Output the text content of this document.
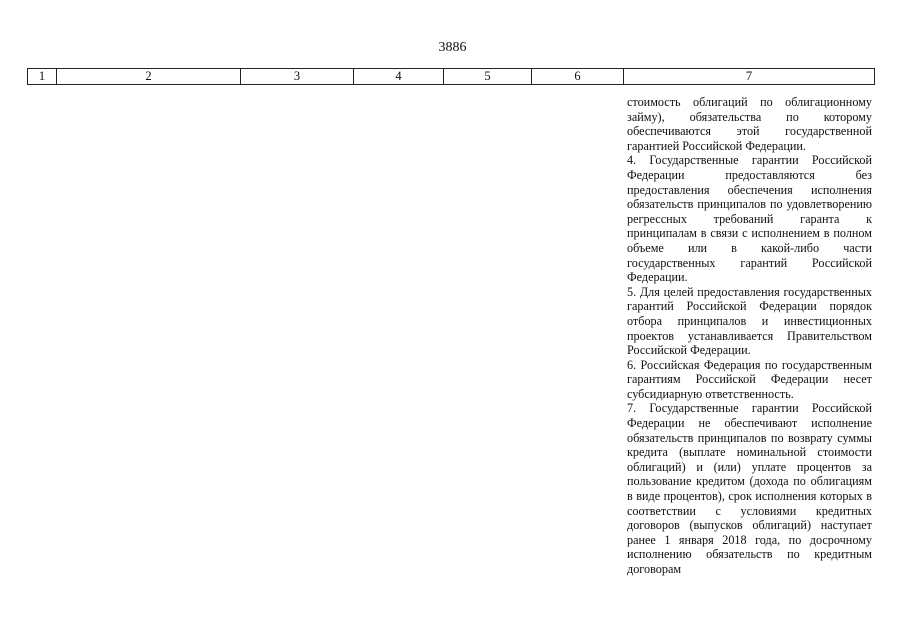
3886
1	2	3	4	5	6	7

стоимость облигаций по облигационному займу), обязательства по которому обеспечиваются этой государственной гарантией Российской Федерации.

4. Государственные гарантии Российской Федерации предоставляются без предоставления обеспечения исполнения обязательств принципалов по удовлетворению регрессных требований гаранта к принципалам в связи с исполнением в полном объеме или в какой-либо части государственных гарантий Российской Федерации.

5. Для целей предоставления государственных гарантий Российской Федерации порядок отбора принципалов и инвестиционных проектов устанавливается Правительством Российской Федерации.

6. Российская Федерация по государственным гарантиям Российской Федерации несет субсидиарную ответственность.

7. Государственные гарантии Российской Федерации не обеспечивают исполнение обязательств принципалов по возврату суммы кредита (выплате номинальной стоимости облигаций) и (или) уплате процентов за пользование кредитом (дохода по облигациям в виде процентов), срок исполнения которых в соответствии с условиями кредитных договоров (выпусков облигаций) наступает ранее 1 января 2018 года, по досрочному исполнению обязательств по кредитным договорам
